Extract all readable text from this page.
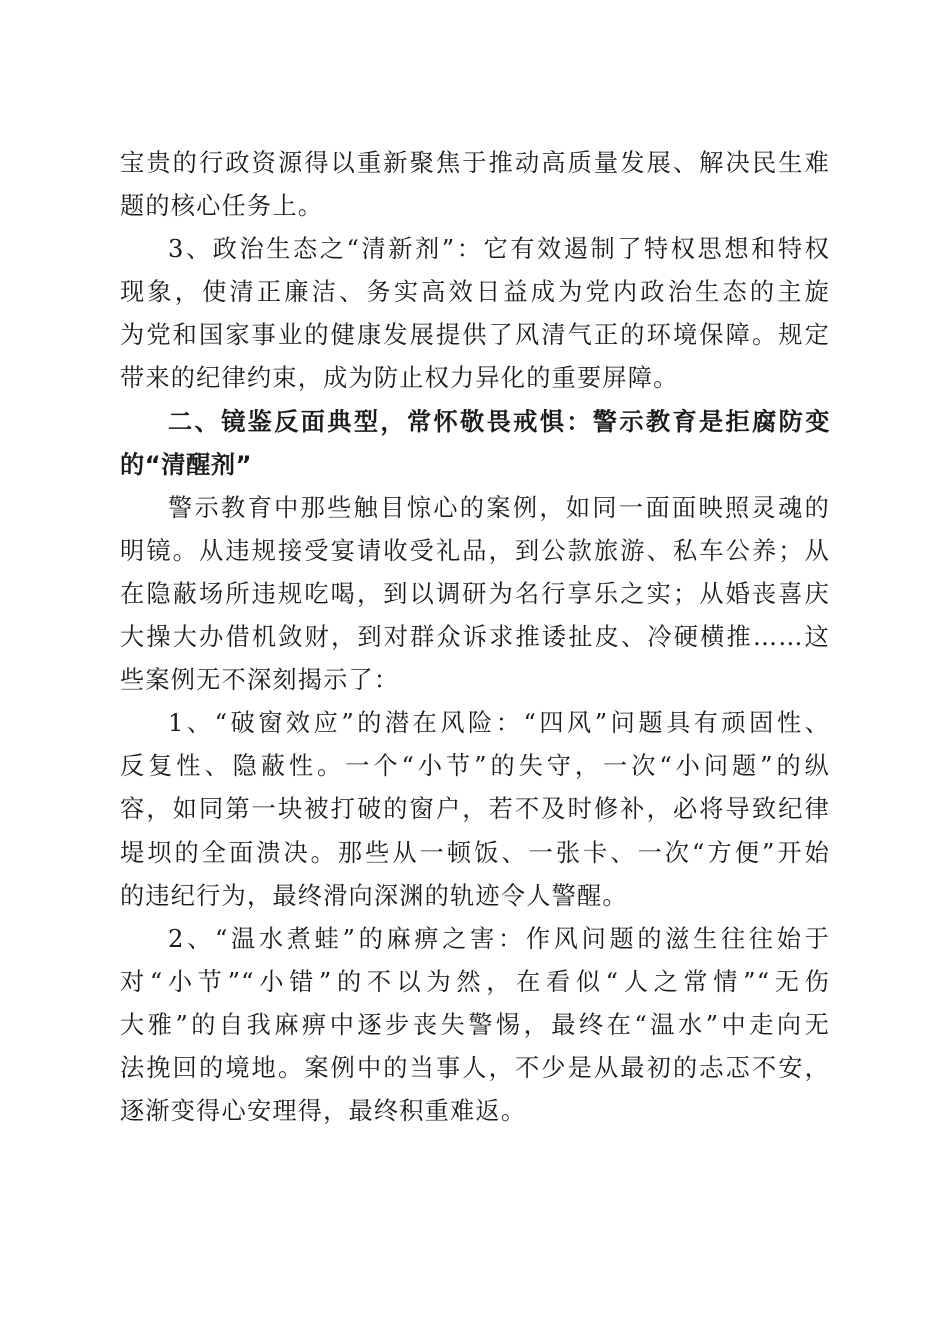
宝贵的行政资源得以重新聚焦于推动高质量发展、解决民生难
题的核心任务上。
3、政治生态之“清新剂”：它有效遏制了特权思想和特权
现象，使清正廉洁、务实高效日益成为党内政治生态的主旋
为党和国家事业的健康发展提供了风清气正的环境保障。规定
带来的纪律约束，成为防止权力异化的重要屏障。
二、镜鉴反面典型，常怀敬畏戒惧：警示教育是拒腐防变
的“清醒剂”
警示教育中那些触目惊心的案例，如同一面面映照灵魂的
明镜。从违规接受宴请收受礼品，到公款旅游、私车公养；从
在隐蔽场所违规吃喝，到以调研为名行享乐之实；从婚丧喜庆
大操大办借机敛财，到对群众诉求推诿扯皮、冷硬横推……这
些案例无不深刻揭示了：
1、“破窗效应”的潜在风险：“四风”问题具有顽固性、
反复性、隐蔽性。一个“小节”的失守，一次“小问题”的纵
容，如同第一块被打破的窗户，若不及时修补，必将导致纪律
堤坝的全面溃决。那些从一顿饭、一张卡、一次“方便”开始
的违纪行为，最终滑向深渊的轨迹令人警醒。
2、“温水煮蛙”的麻痹之害：作风问题的滋生往往始于
对“小节”“小错”的不以为然，在看似“人之常情”“无伤
大雅”的自我麻痹中逐步丧失警惕，最终在“温水”中走向无
法挽回的境地。案例中的当事人，不少是从最初的忐忑不安，
逐渐变得心安理得，最终积重难返。
